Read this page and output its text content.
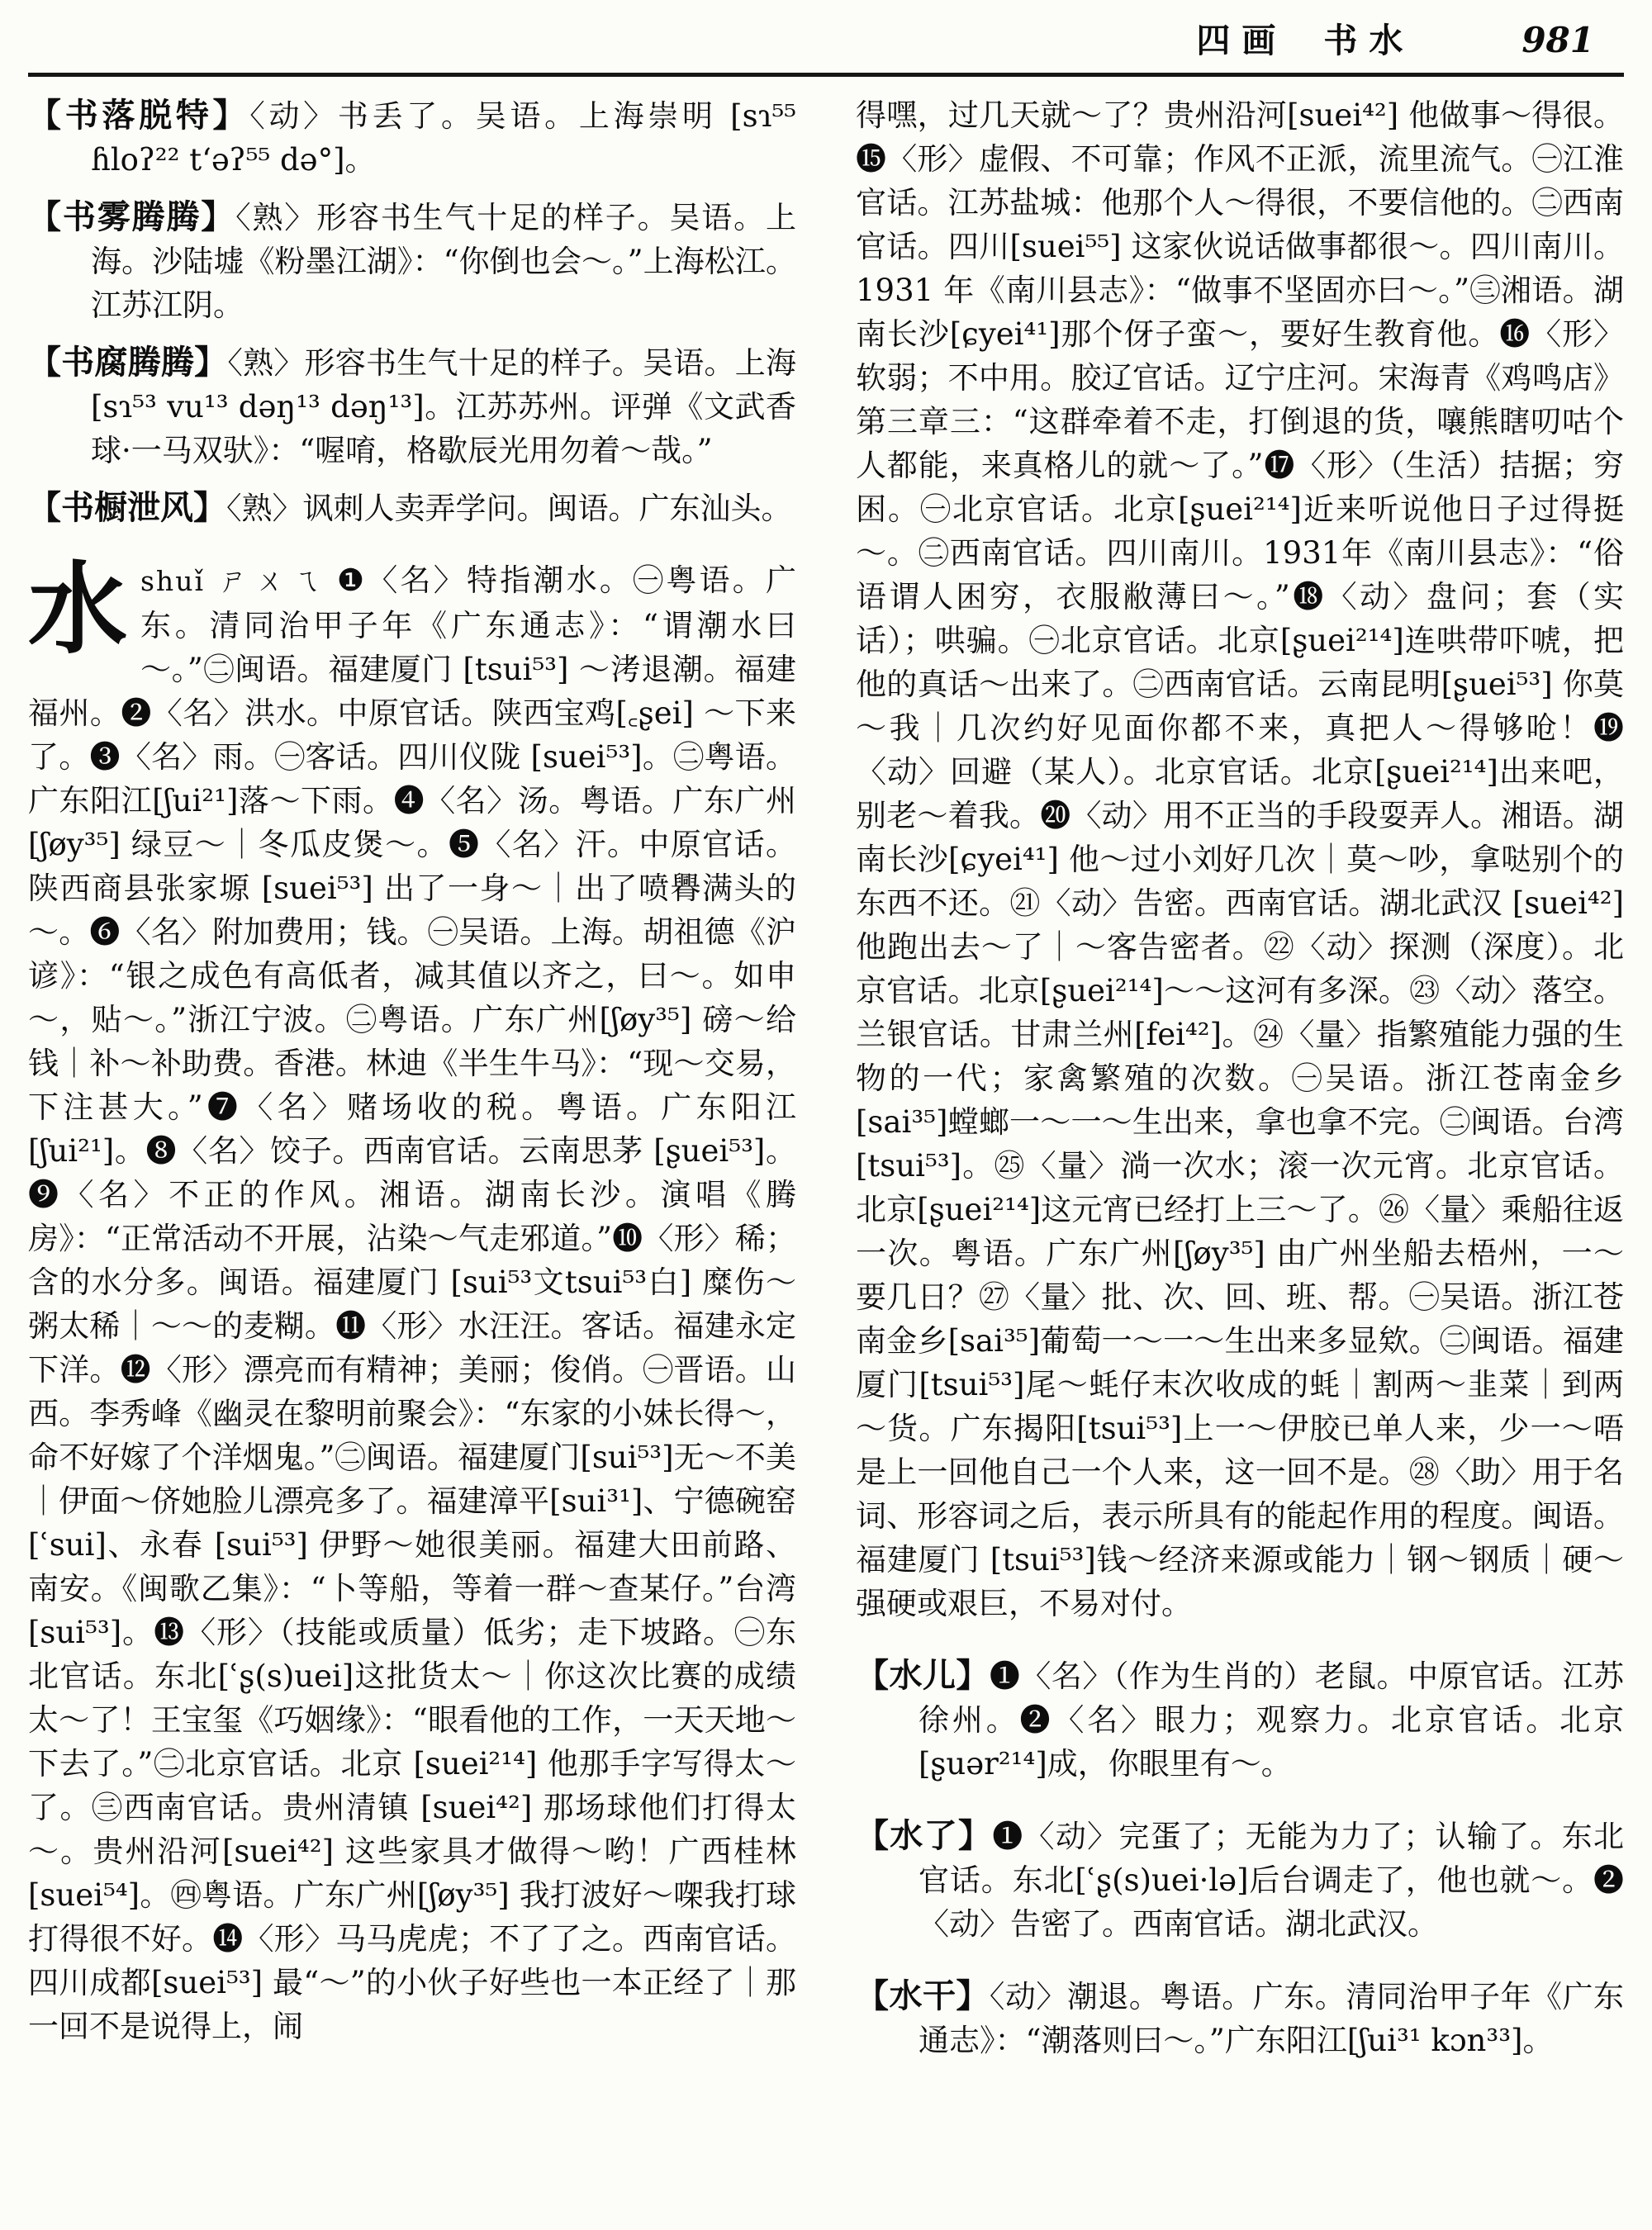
四画 书水	981

【书落脱特】〈动〉书丢了。吴语。上海崇明 [sɿ⁵⁵ ɦloʔ²² tʻəʔ⁵⁵ də°]。

【书雾腾腾】〈熟〉形容书生气十足的样子。吴语。上海。沙陆墟《粉墨江湖》：“你倒也会～。”上海松江。江苏江阴。

【书腐腾腾】〈熟〉形容书生气十足的样子。吴语。上海[sɿ⁵³ vu¹³ dəŋ¹³ dəŋ¹³]。江苏苏州。评弹《文武香球·一马双驮》：“喔唷，格歇辰光用勿着～哉。”

【书橱泄风】〈熟〉讽刺人卖弄学问。闽语。广东汕头。

水shuǐ ㄕㄨㄟ ❶〈名〉特指潮水。㊀粤语。广东。清同治甲子年《广东通志》：“谓潮水曰～。”㊁闽语。福建厦门 [tsui⁵³] ～洘退潮。福建福州。❷〈名〉洪水。中原官话。陕西宝鸡[꜀ʂei] ～下来了。❸〈名〉雨。㊀客话。四川仪陇 [suei⁵³]。㊁粤语。广东阳江[ʃui²¹]落～下雨。❹〈名〉汤。粤语。广东广州 [ʃøy³⁵] 绿豆～｜冬瓜皮煲～。❺〈名〉汗。中原官话。陕西商县张家塬 [suei⁵³] 出了一身～｜出了喷臖满头的～。❻〈名〉附加费用；钱。㊀吴语。上海。胡祖德《沪谚》：“银之成色有高低者，减其值以齐之，曰～。如申～，贴～。”浙江宁波。㊁粤语。广东广州[ʃøy³⁵] 磅～给钱｜补～补助费。香港。林迪《半生牛马》：“现～交易，下注甚大。”❼〈名〉赌场收的税。粤语。广东阳江[ʃui²¹]。❽〈名〉饺子。西南官话。云南思茅 [ʂuei⁵³]。❾〈名〉不正的作风。湘语。湖南长沙。演唱《腾房》：“正常活动不开展，沾染～气走邪道。”❿〈形〉稀；含的水分多。闽语。福建厦门 [sui⁵³文tsui⁵³白] 糜伤～粥太稀｜～～的麦糊。⓫〈形〉水汪汪。客话。福建永定下洋。⓬〈形〉漂亮而有精神；美丽；俊俏。㊀晋语。山西。李秀峰《幽灵在黎明前聚会》：“东家的小妹长得～，命不好嫁了个洋烟鬼。”㊁闽语。福建厦门[sui⁵³]无～不美｜伊面～侪她脸儿漂亮多了。福建漳平[sui³¹]、宁德碗窑[ʿsui]、永春 [sui⁵³] 伊野～她很美丽。福建大田前路、南安。《闽歌乙集》：“卜等船，等着一群～查某仔。”台湾 [sui⁵³]。⓭〈形〉（技能或质量）低劣；走下坡路。㊀东北官话。东北[ʿʂ(s)uei]这批货太～｜你这次比赛的成绩太～了！王宝玺《巧姻缘》：“眼看他的工作，一天天地～下去了。”㊁北京官话。北京 [suei²¹⁴] 他那手字写得太～了。㊂西南官话。贵州清镇 [suei⁴²] 那场球他们打得太～。贵州沿河[suei⁴²] 这些家具才做得～哟！广西桂林 [suei⁵⁴]。㊃粤语。广东广州[ʃøy³⁵] 我打波好～㗎我打球打得很不好。⓮〈形〉马马虎虎；不了了之。西南官话。四川成都[suei⁵³] 最“～”的小伙子好些也一本正经了｜那一回不是说得上，闹

得嘿，过几天就～了？贵州沿河[suei⁴²] 他做事～得很。⓯〈形〉虚假、不可靠；作风不正派，流里流气。㊀江淮官话。江苏盐城：他那个人～得很，不要信他的。㊁西南官话。四川[suei⁵⁵] 这家伙说话做事都很～。四川南川。1931 年《南川县志》：“做事不坚固亦曰～。”㊂湘语。湖南长沙[ɕyei⁴¹]那个伢子蛮～，要好生教育他。⓰〈形〉软弱；不中用。胶辽官话。辽宁庄河。宋海青《鸡鸣店》第三章三：“这群牵着不走，打倒退的货，嚷熊瞎叨咕个人都能，来真格儿的就～了。”⓱〈形〉（生活）拮据；穷困。㊀北京官话。北京[ʂuei²¹⁴]近来听说他日子过得挺～。㊁西南官话。四川南川。1931年《南川县志》：“俗语谓人困穷，衣服敝薄曰～。”⓲〈动〉盘问；套（实话）；哄骗。㊀北京官话。北京[ʂuei²¹⁴]连哄带吓唬，把他的真话～出来了。㊁西南官话。云南昆明[ʂuei⁵³] 你莫～我｜几次约好见面你都不来，真把人～得够呛！⓳〈动〉回避（某人）。北京官话。北京[ʂuei²¹⁴]出来吧，别老～着我。⓴〈动〉用不正当的手段耍弄人。湘语。湖南长沙[ɕyei⁴¹] 他～过小刘好几次｜莫～吵，拿哒别个的东西不还。㉑〈动〉告密。西南官话。湖北武汉 [suei⁴²]他跑出去～了｜～客告密者。㉒〈动〉探测（深度）。北京官话。北京[ʂuei²¹⁴]～～这河有多深。㉓〈动〉落空。兰银官话。甘肃兰州[fei⁴²]。㉔〈量〉指繁殖能力强的生物的一代；家禽繁殖的次数。㊀吴语。浙江苍南金乡[sai³⁵]螳螂一～一～生出来，拿也拿不完。㊁闽语。台湾[tsui⁵³]。㉕〈量〉淌一次水；滚一次元宵。北京官话。北京[ʂuei²¹⁴]这元宵已经打上三～了。㉖〈量〉乘船往返一次。粤语。广东广州[ʃøy³⁵] 由广州坐船去梧州，一～要几日？㉗〈量〉批、次、回、班、帮。㊀吴语。浙江苍南金乡[sai³⁵]葡萄一～一～生出来多显欸。㊁闽语。福建厦门[tsui⁵³]尾～蚝仔末次收成的蚝｜割两～韭菜｜到两～货。广东揭阳[tsui⁵³]上一～伊胶已单人来，少一～唔是上一回他自己一个人来，这一回不是。㉘〈助〉用于名词、形容词之后，表示所具有的能起作用的程度。闽语。福建厦门 [tsui⁵³]钱～经济来源或能力｜钢～钢质｜硬～强硬或艰巨，不易对付。

【水儿】❶〈名〉（作为生肖的）老鼠。中原官话。江苏徐州。❷〈名〉眼力；观察力。北京官话。北京 [ʂuər²¹⁴]成，你眼里有～。

【水了】❶〈动〉完蛋了；无能为力了；认输了。东北官话。东北[ʿʂ(s)uei·lə]后台调走了，他也就～。❷〈动〉告密了。西南官话。湖北武汉。

【水干】〈动〉潮退。粤语。广东。清同治甲子年《广东通志》：“潮落则曰～。”广东阳江[ʃui³¹ kɔn³³]。
